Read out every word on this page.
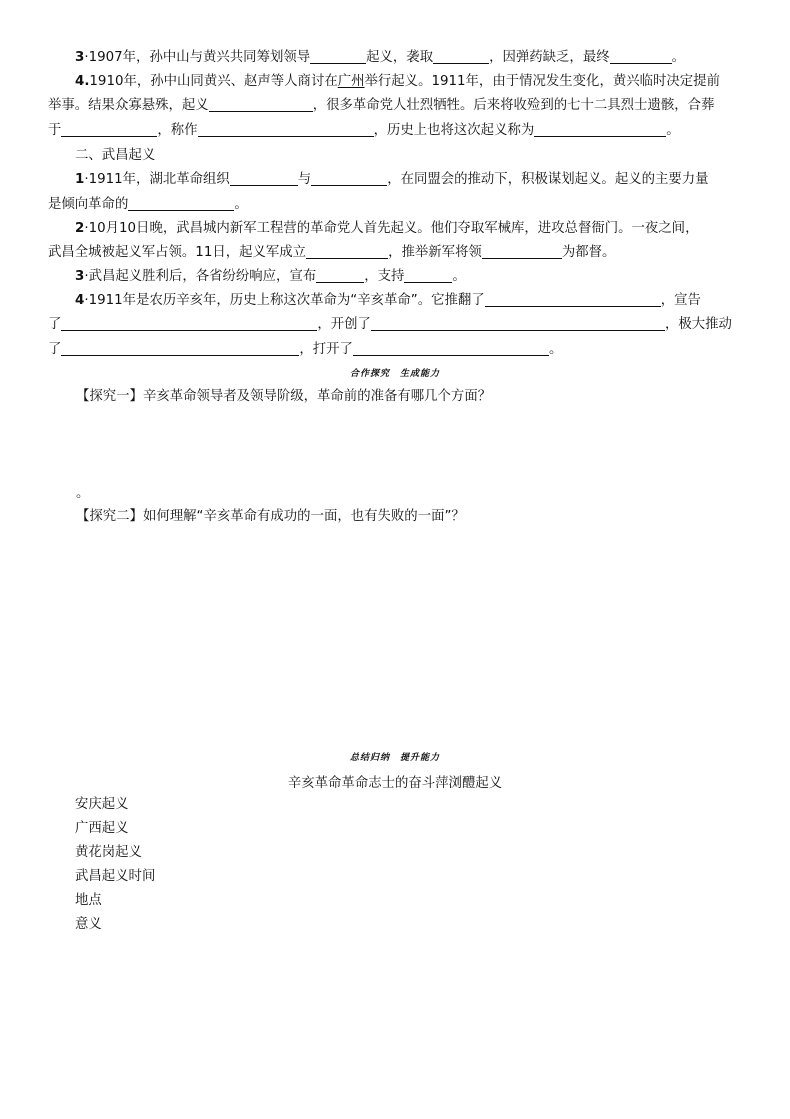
3·1907年，孙中山与黄兴共同筹划领导	起义，袭取	，因弹药缺乏，最终	。
4.1910年，孙中山同黄兴、赵声等人商讨在广州举行起义。1911年，由于情况发生变化，黄兴临时决定提前
举事。结果众寡悬殊，起义	，很多革命党人壮烈牺牲。后来将收殓到的七十二具烈士遗骸，合葬
于	，称作	，历史上也将这次起义称为	。
二、武昌起义
1·1911年，湖北革命组织	与	，在同盟会的推动下，积极谋划起义。起义的主要力量
是倾向革命的	。
2·10月10日晚，武昌城内新军工程营的革命党人首先起义。他们夺取军械库，进攻总督衙门。一夜之间，
武昌全城被起义军占领。11日，起义军成立	，推举新军将领	为都督。
3·武昌起义胜利后，各省纷纷响应，宣布	，支持	。
4·1911年是农历辛亥年，历史上称这次革命为“辛亥革命”。它推翻了	，宣告
了	，开创了	，极大推动
了	，打开了	。
合作探究　生成能力
【探究一】辛亥革命领导者及领导阶级，革命前的准备有哪几个方面？
。
【探究二】如何理解“辛亥革命有成功的一面，也有失败的一面”？
总结归纳　提升能力
辛亥革命革命志士的奋斗萍浏醴起义
安庆起义
广西起义
黄花岗起义
武昌起义时间
地点
意义
